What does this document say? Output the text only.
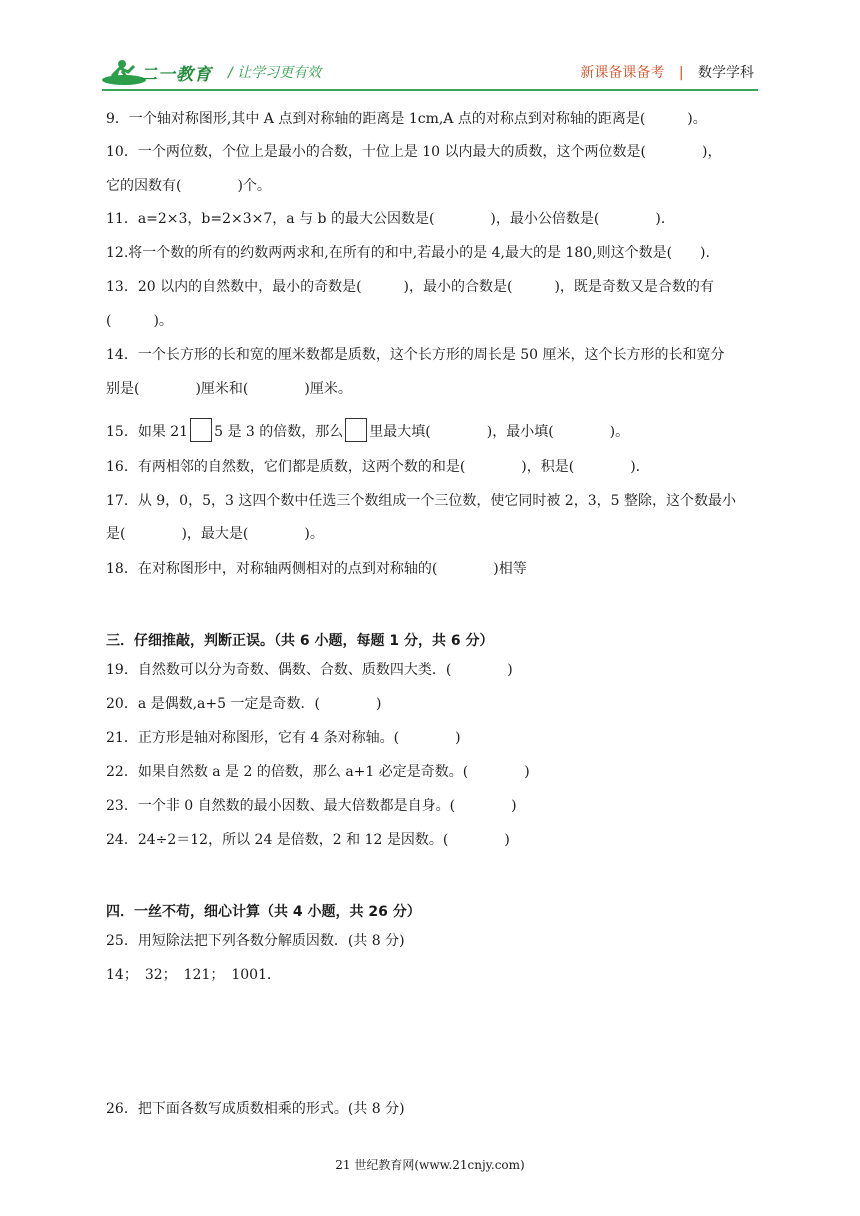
二一教育 / 让学习更有效	新课备课备考 | 数学学科
9．一个轴对称图形,其中 A 点到对称轴的距离是 1cm,A 点的对称点到对称轴的距离是(　　　)。
10．一个两位数，个位上是最小的合数，十位上是 10 以内最大的质数，这个两位数是(　　　　)，
它的因数有(　　　　)个。
11．a=2×3，b=2×3×7，a 与 b 的最大公因数是(　　　　)，最小公倍数是(　　　　)．
12.将一个数的所有的约数两两求和,在所有的和中,若最小的是 4,最大的是 180,则这个数是(　　).
13．20 以内的自然数中，最小的奇数是(　　　)，最小的合数是(　　　)，既是奇数又是合数的有
(　　　)。
14．一个长方形的长和宽的厘米数都是质数，这个长方形的周长是 50 厘米，这个长方形的长和宽分
别是(　　　　)厘米和(　　　　)厘米。
15．如果 21 5 是 3 的倍数，那么 里最大填(　　　　)，最小填(　　　　)。
16．有两相邻的自然数，它们都是质数，这两个数的和是(　　　　)，积是(　　　　)．
17．从 9，0，5，3 这四个数中任选三个数组成一个三位数，使它同时被 2，3，5 整除，这个数最小
是(　　　　)，最大是(　　　　)。
18．在对称图形中，对称轴两侧相对的点到对称轴的(　　　　)相等
三．仔细推敲，判断正误。（共 6 小题，每题 1 分，共 6 分）
19．自然数可以分为奇数、偶数、合数、质数四大类．(　　　　)
20．a 是偶数,a+5 一定是奇数．(　　　　)
21．正方形是轴对称图形，它有 4 条对称轴。(　　　　)
22．如果自然数 a 是 2 的倍数，那么 a+1 必定是奇数。(　　　　)
23．一个非 0 自然数的最小因数、最大倍数都是自身。(　　　　)
24．24÷2＝12，所以 24 是倍数，2 和 12 是因数。(　　　　)
四．一丝不苟，细心计算（共 4 小题，共 26 分）
25．用短除法把下列各数分解质因数．(共 8 分)
14；　32；　121；　1001．
26．把下面各数写成质数相乘的形式。(共 8 分)
21 世纪教育网(www.21cnjy.com)
